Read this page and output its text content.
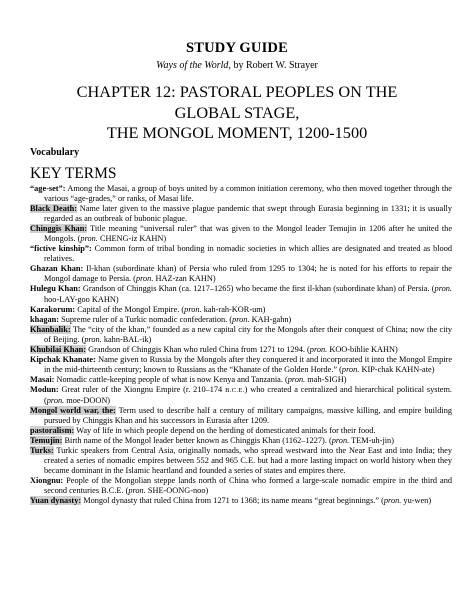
STUDY GUIDE
Ways of the World, by Robert W. Strayer
CHAPTER 12: PASTORAL PEOPLES ON THE
GLOBAL STAGE,
THE MONGOL MOMENT, 1200-1500
Vocabulary
KEY TERMS

“age-set”: Among the Masai, a group of boys united by a common initiation ceremony, who then moved together through the various “age-grades,” or ranks, of Masai life.

Black Death: Name later given to the massive plague pandemic that swept through Eurasia beginning in 1331; it is usually regarded as an outbreak of bubonic plague.

Chinggis Khan: Title meaning “universal ruler” that was given to the Mongol leader Temujin in 1206 after he united the Mongols. (pron. CHENG-iz KAHN)

“fictive kinship”: Common form of tribal bonding in nomadic societies in which allies are designated and treated as blood relatives.

Ghazan Khan: Il-khan (subordinate khan) of Persia who ruled from 1295 to 1304; he is noted for his efforts to repair the Mongol damage to Persia. (pron. HAZ-zan KAHN)

Hulegu Khan: Grandson of Chinggis Khan (ca. 1217–1265) who became the first il-khan (subordinate khan) of Persia. (pron. hoo-LAY-goo KAHN)

Karakorum: Capital of the Mongol Empire. (pron. kah-rah-KOR-um)

khagan: Supreme ruler of a Turkic nomadic confederation. (pron. KAH-gahn)

Khanbalik: The “city of the khan,” founded as a new capital city for the Mongols after their conquest of China; now the city of Beijing. (pron. kahn-BAL-ik)

Khubilai Khan: Grandson of Chinggis Khan who ruled China from 1271 to 1294. (pron. KOO-bihlie KAHN)

Kipchak Khanate: Name given to Russia by the Mongols after they conquered it and incorporated it into the Mongol Empire in the mid-thirteenth century; known to Russians as the “Khanate of the Golden Horde.” (pron. KIP-chak KAHN-ate)

Masai: Nomadic cattle-keeping people of what is now Kenya and Tanzania. (pron. mah-SIGH)

Modun: Great ruler of the Xiongnu Empire (r. 210–174 B.C.E.) who created a centralized and hierarchical political system. (pron. moe-DOON)

Mongol world war, the: Term used to describe half a century of military campaigns, massive killing, and empire building pursued by Chinggis Khan and his successors in Eurasia after 1209.

pastoralism: Way of life in which people depend on the herding of domesticated animals for their food.

Temujin: Birth name of the Mongol leader better known as Chinggis Khan (1162–1227). (pron. TEM-uh-jin)

Turks: Turkic speakers from Central Asia, originally nomads, who spread westward into the Near East and into India; they created a series of nomadic empires between 552 and 965 C.E. but had a more lasting impact on world history when they became dominant in the Islamic heartland and founded a series of states and empires there.

Xiongnu: People of the Mongolian steppe lands north of China who formed a large-scale nomadic empire in the third and second centuries B.C.E. (pron. SHE-OONG-noo)

Yuan dynasty: Mongol dynasty that ruled China from 1271 to 1368; its name means “great beginnings.” (pron. yu-wen)
